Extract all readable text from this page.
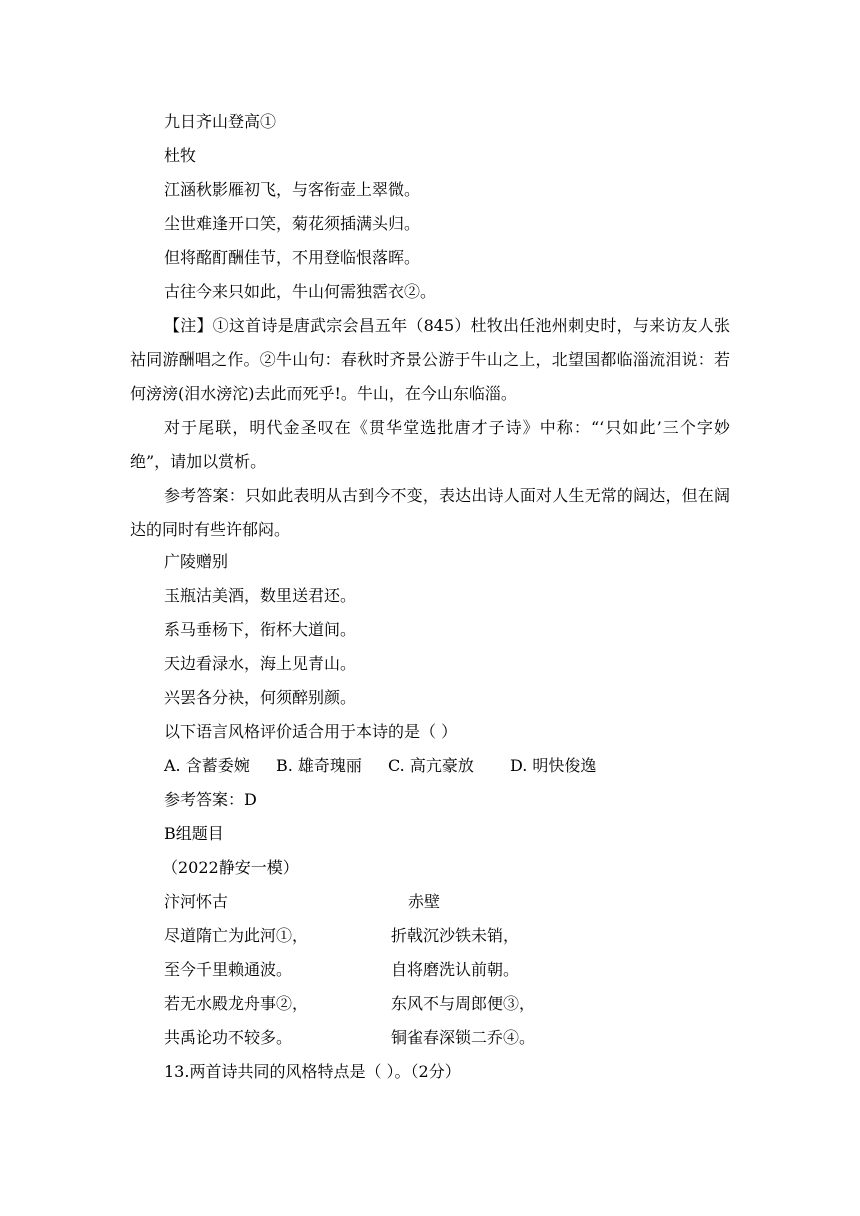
九日齐山登高①
杜牧
江涵秋影雁初飞，与客衔壶上翠微。
尘世难逢开口笑，菊花须插满头归。
但将酩酊酬佳节，不用登临恨落晖。
古往今来只如此，牛山何需独霑衣②。
【注】①这首诗是唐武宗会昌五年（845）杜牧出任池州刺史时，与来访友人张祜同游酬唱之作。②牛山句：春秋时齐景公游于牛山之上，北望国都临淄流泪说：若何滂滂(泪水滂沱)去此而死乎!。牛山，在今山东临淄。
对于尾联，明代金圣叹在《贯华堂选批唐才子诗》中称：“‘只如此’三个字妙绝”，请加以赏析。
参考答案：只如此表明从古到今不变，表达出诗人面对人生无常的阔达，但在阔达的同时有些许郁闷。
广陵赠别
玉瓶沽美酒，数里送君还。
系马垂杨下，衔杯大道间。
天边看渌水，海上见青山。
兴罢各分袂，何须醉别颜。
以下语言风格评价适合用于本诗的是（ ）
A. 含蓄委婉 B. 雄奇瑰丽 C. 高亢豪放 D. 明快俊逸
参考答案：D
B组题目
（2022静安一模）
汴河怀古	赤壁
尽道隋亡为此河①，	折戟沉沙铁未销，
至今千里赖通波。	自将磨洗认前朝。
若无水殿龙舟事②，	东风不与周郎便③，
共禹论功不较多。	铜雀春深锁二乔④。
13.两首诗共同的风格特点是（ ）。（2分）
